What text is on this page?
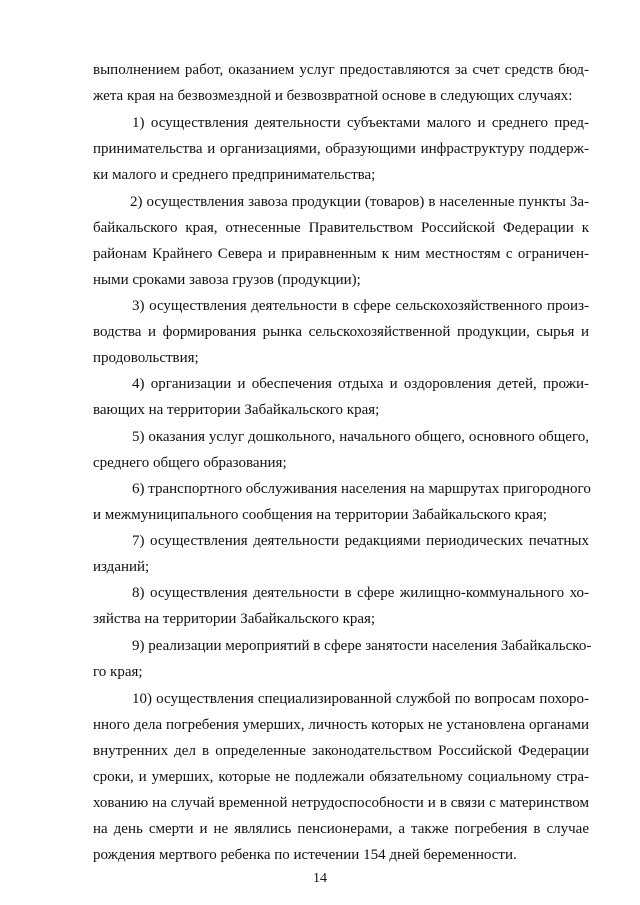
выполнением работ, оказанием услуг предоставляются за счет средств бюд-
жета края на безвозмездной и безвозвратной основе в следующих случаях:
1) осуществления деятельности субъектами малого и среднего пред-
принимательства и организациями, образующими инфраструктуру поддерж-
ки малого и среднего предпринимательства;
2) осуществления завоза продукции (товаров) в населенные пункты За-
байкальского края, отнесенные Правительством Российской Федерации к
районам Крайнего Севера и приравненным к ним местностям с ограничен-
ными сроками завоза грузов (продукции);
3) осуществления деятельности в сфере сельскохозяйственного произ-
водства и формирования рынка сельскохозяйственной продукции, сырья и
продовольствия;
4) организации и обеспечения отдыха и оздоровления детей, прожи-
вающих на территории Забайкальского края;
5) оказания услуг дошкольного, начального общего, основного общего,
среднего общего образования;
6) транспортного обслуживания населения на маршрутах пригородного
и межмуниципального сообщения на территории Забайкальского края;
7) осуществления деятельности редакциями периодических печатных
изданий;
8) осуществления деятельности в сфере жилищно-коммунального хо-
зяйства на территории Забайкальского края;
9) реализации мероприятий в сфере занятости населения Забайкальско-
го края;
10) осуществления специализированной службой по вопросам похоро-
нного дела погребения умерших, личность которых не установлена органами
внутренних дел в определенные законодательством Российской Федерации
сроки, и умерших, которые не подлежали обязательному социальному стра-
хованию на случай временной нетрудоспособности и в связи с материнством
на день смерти и не являлись пенсионерами, а также погребения в случае
рождения мертвого ребенка по истечении 154 дней беременности.
14
